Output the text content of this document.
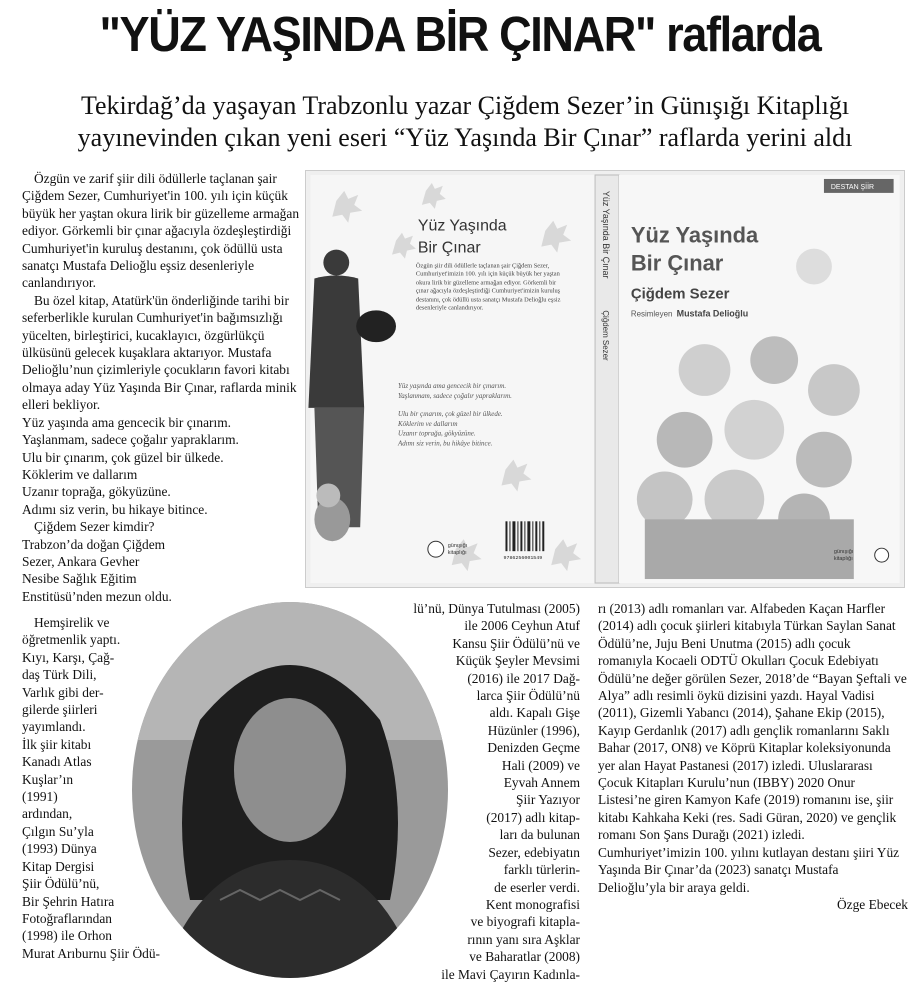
"YÜZ YAŞINDA BİR ÇINAR" raflarda
Tekirdağ’da yaşayan Trabzonlu yazar Çiğdem Sezer’in Günışığı Kitaplığı
yayınevinden çıkan yeni eseri “Yüz Yaşında Bir Çınar” raflarda yerini aldı

Özgün ve zarif şiir dili ödüllerle taçlanan şair Çiğdem Sezer, Cumhuriyet'in 100. yılı için küçük büyük her yaştan okura lirik bir güzelleme armağan ediyor. Görkemli bir çınar ağacıyla özdeşleştirdiği Cumhuriyet'in kuruluş destanını, çok ödüllü usta sanatçı Mustafa Delioğlu eşsiz desenleriyle canlandırıyor.

Bu özel kitap, Atatürk'ün önderliğinde tarihi bir seferberlikle kurulan Cumhuriyet'in bağımsızlığı yücelten, birleştirici, kucaklayıcı, özgürlükçü ülküsünü gelecek kuşaklara aktarıyor. Mustafa Delioğlu’nun çizimleriyle çocukların favori kitabı olmaya aday Yüz Yaşında Bir Çınar, raflarda minik elleri bekliyor.

Yüz yaşında ama gencecik bir çınarım.

Yaşlanmam, sadece çoğalır yapraklarım.

Ulu bir çınarım, çok güzel bir ülkede.

Köklerim ve dallarım

Uzanır toprağa, gökyüzüne.

Adımı siz verin, bu hikaye bitince.

Çiğdem Sezer kimdir?

Trabzon’da doğan Çiğdem Sezer, Ankara Gevher Nesibe Sağlık Eğitim Enstitüsü’nden mezun oldu.

Hemşirelik ve

öğretmenlik yaptı.

Kıyı, Karşı, Çağ-

daş Türk Dili,

Varlık gibi der-

gilerde şiirleri

yayımlandı.

İlk şiir kitabı

Kanadı Atlas

Kuşlar’ın

(1991)

ardından,

Çılgın Su’yla

(1993) Dünya

Kitap Dergisi

Şiir Ödülü’nü,

Bir Şehrin Hatıra

Fotoğraflarından

(1998) ile Orhon

Murat Arıburnu Şiir Ödü-

Yüz Yaşında
Bir Çınar
Özgün şiir dili ödüllerle taçlanan şair Çiğdem Sezer, Cumhuriyet'imizin 100. yılı için küçük büyük her yaştan okura lirik bir güzelleme armağan ediyor. Görkemli bir çınar ağacıyla özdeşleştirdiği Cumhuriyet'imizin kuruluş destanını, çok ödüllü usta sanatçı Mustafa Delioğlu eşsiz desenleriyle canlandırıyor.
Yüz yaşında ama gencecik bir çınarım.
Yaşlanmam, sadece çoğalır yapraklarım.
Ulu bir çınarım, çok güzel bir ülkede.
Köklerim ve dallarım
Uzanır toprağa, gökyüzüne.
Adımı siz verin, bu hikâye bitince.
9786256001549
günışığı
kitaplığı
Yüz Yaşında Bir Çınar
Çiğdem Sezer
DESTAN ŞİİR
Yüz Yaşında
Bir Çınar
Çiğdem Sezer
Resimleyen Mustafa Delioğlu
günışığı
kitaplığı

lü’nü, Dünya Tutulması (2005)

ile 2006 Ceyhun Atuf

Kansu Şiir Ödülü’nü ve

Küçük Şeyler Mevsimi

(2016) ile 2017 Dağ-

larca Şiir Ödülü’nü

aldı. Kapalı Gişe

Hüzünler (1996),

Denizden Geçme

Hali (2009) ve

Eyvah Annem

Şiir Yazıyor

(2017) adlı kitap-

ları da bulunan

Sezer, edebiyatın

farklı türlerin-

de eserler verdi.

Kent monografisi

ve biyografi kitapla-

rının yanı sıra Aşklar

ve Baharatlar (2008)

ile Mavi Çayırın Kadınla-

rı (2013) adlı romanları var. Alfabeden Kaçan Harfler (2014) adlı çocuk şiirleri kitabıyla Türkan Saylan Sanat Ödülü’ne, Juju Beni Unutma (2015) adlı çocuk romanıyla Kocaeli ODTÜ Okulları Çocuk Edebiyatı Ödülü’ne değer görülen Sezer, 2018’de “Bayan Şeftali ve Alya” adlı resimli öykü dizisini yazdı. Hayal Vadisi (2011), Gizemli Yabancı (2014), Şahane Ekip (2015), Kayıp Gerdanlık (2017) adlı gençlik romanlarını Saklı Bahar (2017, ON8) ve Köprü Kitaplar koleksiyonunda yer alan Hayat Pastanesi (2017) izledi. Uluslararası Çocuk Kitapları Kurulu’nun (IBBY) 2020 Onur Listesi’ne giren Kamyon Kafe (2019) romanını ise, şiir kitabı Kahkaha Keki (res. Sadi Güran, 2020) ve gençlik romanı Son Şans Durağı (2021) izledi. Cumhuriyet’imizin 100. yılını kutlayan destanı şiiri Yüz Yaşında Bir Çınar’da (2023) sanatçı Mustafa Delioğlu’yla bir araya geldi.

Özge Ebecek
